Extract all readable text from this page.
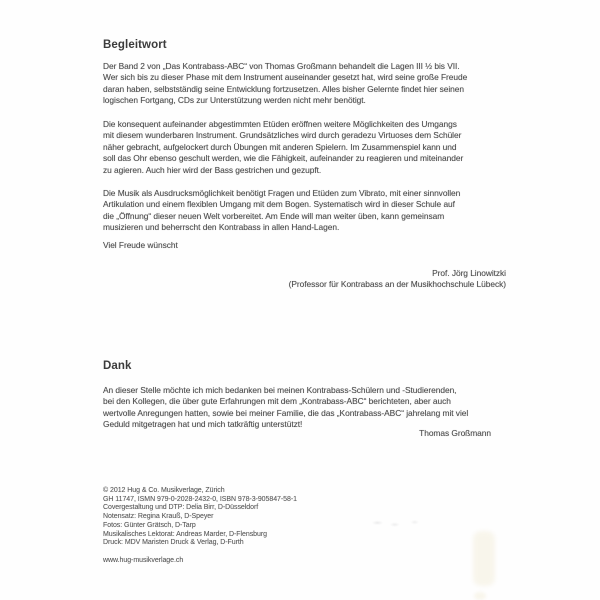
Begleitwort
Der Band 2 von „Das Kontrabass-ABC“ von Thomas Großmann behandelt die Lagen III ½ bis VII.
Wer sich bis zu dieser Phase mit dem Instrument auseinander gesetzt hat, wird seine große Freude
daran haben, selbstständig seine Entwicklung fortzusetzen. Alles bisher Gelernte findet hier seinen
logischen Fortgang, CDs zur Unterstützung werden nicht mehr benötigt.
Die konsequent aufeinander abgestimmten Etüden eröffnen weitere Möglichkeiten des Umgangs
mit diesem wunderbaren Instrument. Grundsätzliches wird durch geradezu Virtuoses dem Schüler
näher gebracht, aufgelockert durch Übungen mit anderen Spielern. Im Zusammenspiel kann und
soll das Ohr ebenso geschult werden, wie die Fähigkeit, aufeinander zu reagieren und miteinander
zu agieren. Auch hier wird der Bass gestrichen und gezupft.
Die Musik als Ausdrucksmöglichkeit benötigt Fragen und Etüden zum Vibrato, mit einer sinnvollen
Artikulation und einem flexiblen Umgang mit dem Bogen. Systematisch wird in dieser Schule auf
die „Öffnung“ dieser neuen Welt vorbereitet. Am Ende will man weiter üben, kann gemeinsam
musizieren und beherrscht den Kontrabass in allen Hand-Lagen.
Viel Freude wünscht
Prof. Jörg Linowitzki
(Professor für Kontrabass an der Musikhochschule Lübeck)
Dank
An dieser Stelle möchte ich mich bedanken bei meinen Kontrabass-Schülern und -Studierenden,
bei den Kollegen, die über gute Erfahrungen mit dem „Kontrabass-ABC“ berichteten, aber auch
wertvolle Anregungen hatten, sowie bei meiner Familie, die das „Kontrabass-ABC“ jahrelang mit viel
Geduld mitgetragen hat und mich tatkräftig unterstützt!
Thomas Großmann
© 2012 Hug & Co. Musikverlage, Zürich
GH 11747, ISMN 979-0-2028-2432-0, ISBN 978-3-905847-58-1
Covergestaltung und DTP: Delia Birr, D-Düsseldorf
Notensatz: Regina Krauß, D-Speyer
Fotos: Günter Grätsch, D-Tarp
Musikalisches Lektorat: Andreas Marder, D-Flensburg
Druck: MDV Maristen Druck & Verlag, D-Furth
www.hug-musikverlage.ch
